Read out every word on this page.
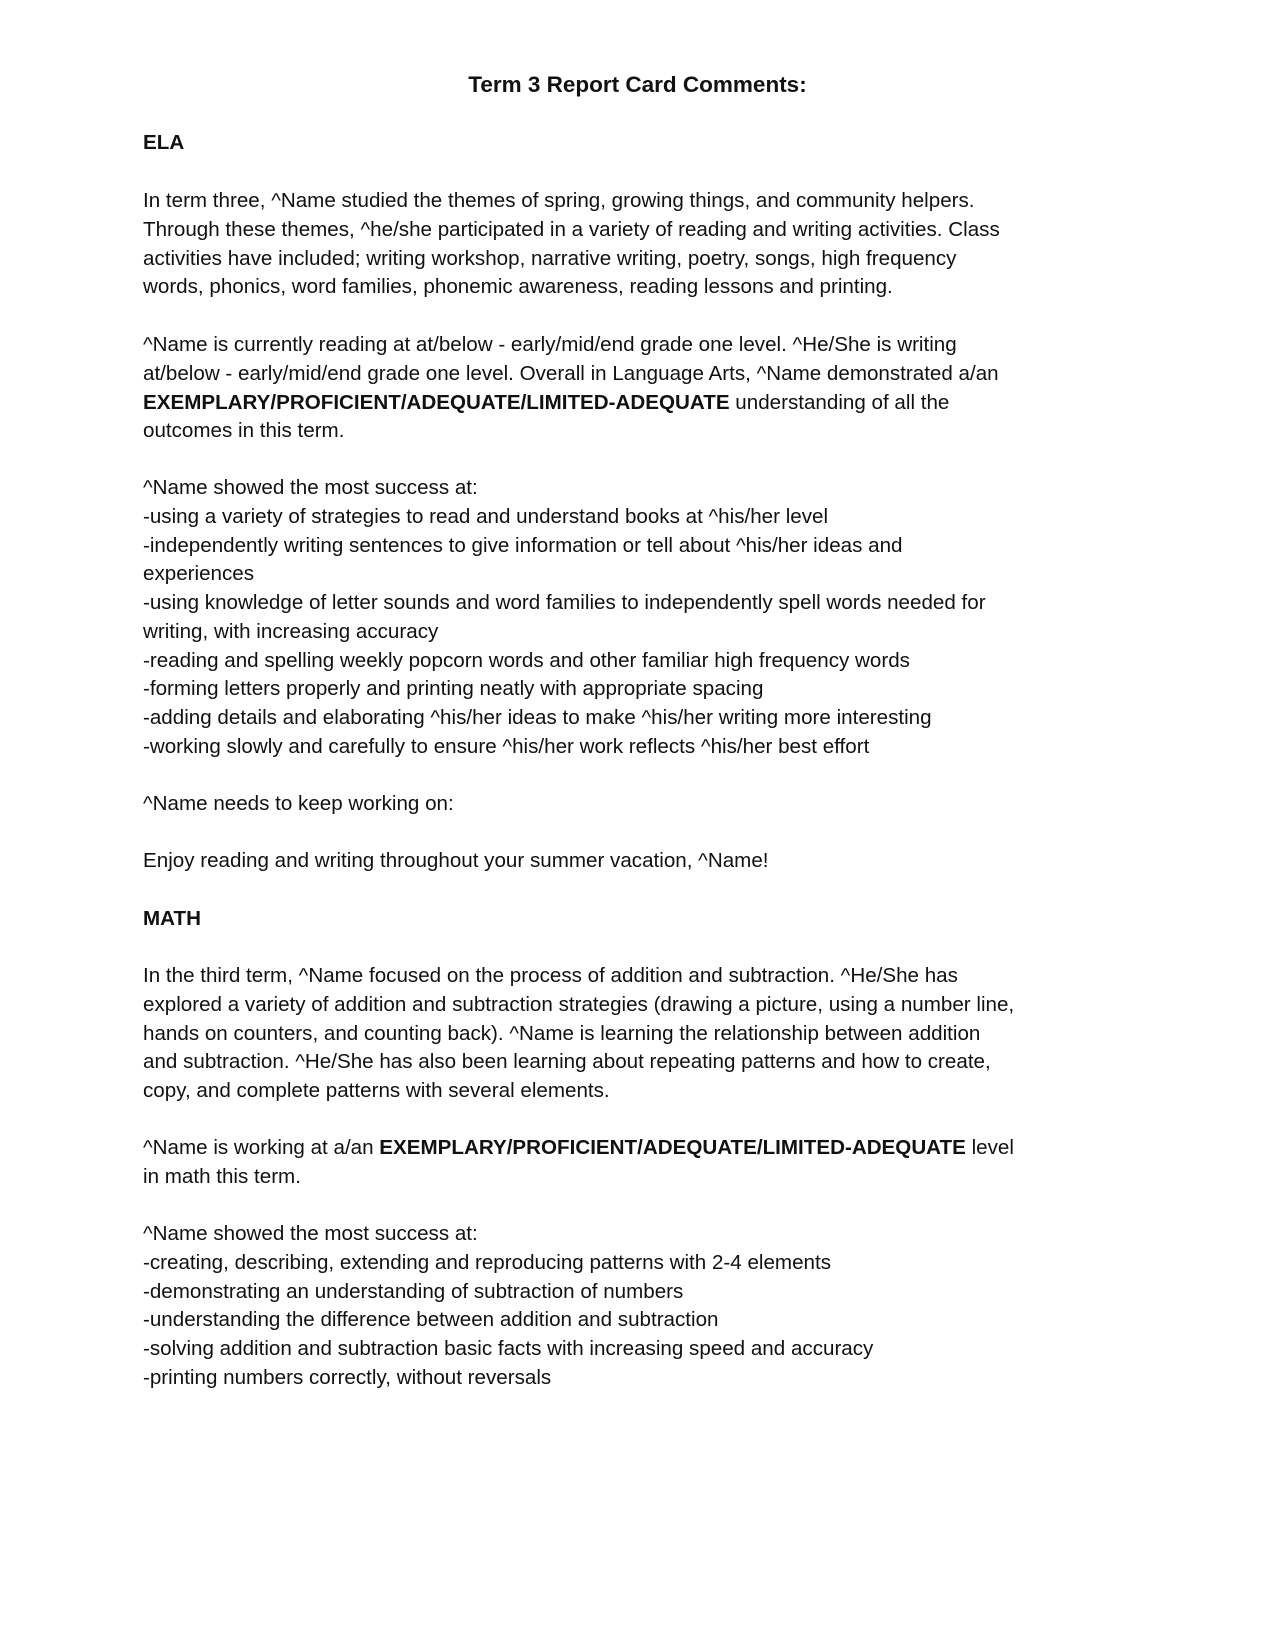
Term 3 Report Card Comments:
ELA
In term three, ^Name studied the themes of spring, growing things, and community helpers.
Through these themes, ^he/she participated in a variety of reading and writing activities. Class
activities have included; writing workshop, narrative writing, poetry, songs, high frequency
words, phonics, word families, phonemic awareness, reading lessons and printing.
^Name is currently reading at at/below - early/mid/end grade one level. ^He/She is writing
at/below - early/mid/end grade one level. Overall in Language Arts, ^Name demonstrated a/an
EXEMPLARY/PROFICIENT/ADEQUATE/LIMITED-ADEQUATE understanding of all the
outcomes in this term.
^Name showed the most success at:
-using a variety of strategies to read and understand books at ^his/her level
-independently writing sentences to give information or tell about ^his/her ideas and
experiences
-using knowledge of letter sounds and word families to independently spell words needed for
writing, with increasing accuracy
-reading and spelling weekly popcorn words and other familiar high frequency words
-forming letters properly and printing neatly with appropriate spacing
-adding details and elaborating ^his/her ideas to make ^his/her writing more interesting
-working slowly and carefully to ensure ^his/her work reflects ^his/her best effort
^Name needs to keep working on:
Enjoy reading and writing throughout your summer vacation, ^Name!
MATH
In the third term, ^Name focused on the process of addition and subtraction. ^He/She has
explored a variety of addition and subtraction strategies (drawing a picture, using a number line,
hands on counters, and counting back). ^Name is learning the relationship between addition
and subtraction. ^He/She has also been learning about repeating patterns and how to create,
copy, and complete patterns with several elements.
^Name is working at a/an EXEMPLARY/PROFICIENT/ADEQUATE/LIMITED-ADEQUATE level
in math this term.
^Name showed the most success at:
-creating, describing, extending and reproducing patterns with 2-4 elements
-demonstrating an understanding of subtraction of numbers
-understanding the difference between addition and subtraction
-solving addition and subtraction basic facts with increasing speed and accuracy
-printing numbers correctly, without reversals
